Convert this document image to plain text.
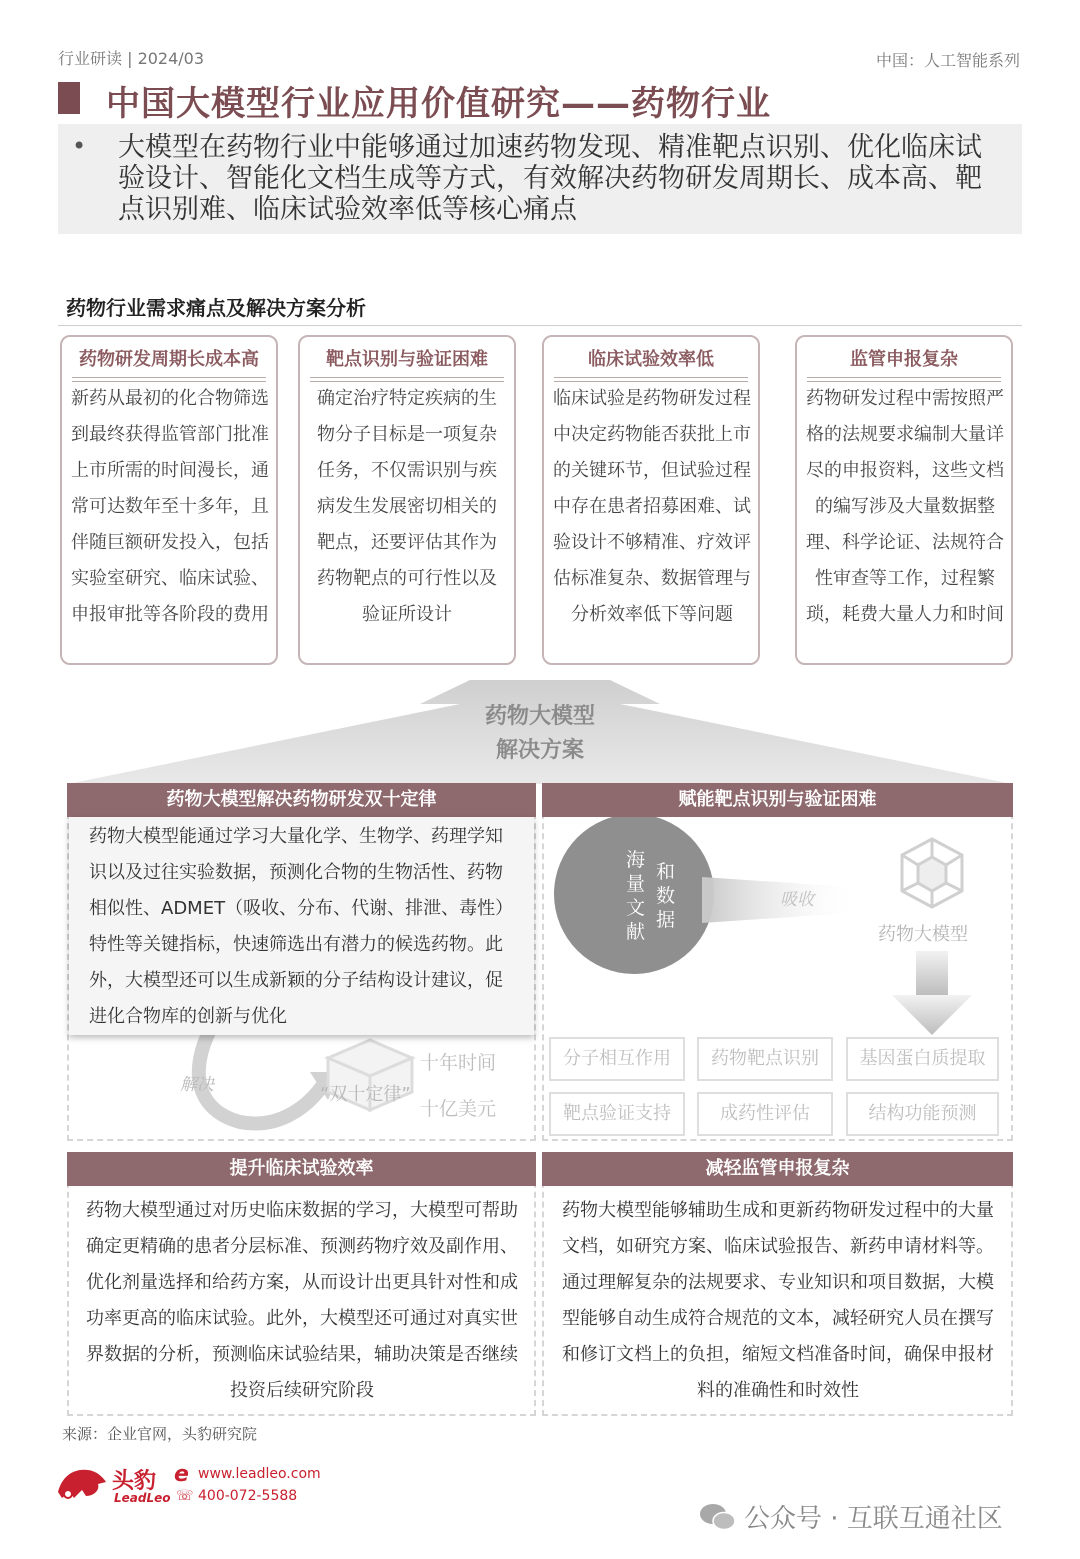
行业研读 | 2024/03	中国：人工智能系列
中国大模型行业应用价值研究——药物行业
• 大模型在药物行业中能够通过加速药物发现、精准靶点识别、优化临床试验设计、智能化文档生成等方式，有效解决药物研发周期长、成本高、靶点识别难、临床试验效率低等核心痛点
药物行业需求痛点及解决方案分析
药物研发周期长成本高
新药从最初的化合物筛选到最终获得监管部门批准上市所需的时间漫长，通常可达数年至十多年，且伴随巨额研发投入，包括实验室研究、临床试验、申报审批等各阶段的费用
靶点识别与验证困难
确定治疗特定疾病的生物分子目标是一项复杂任务，不仅需识别与疾病发生发展密切相关的靶点，还要评估其作为药物靶点的可行性以及验证所设计
临床试验效率低
临床试验是药物研发过程中决定药物能否获批上市的关键环节，但试验过程中存在患者招募困难、试验设计不够精准、疗效评估标准复杂、数据管理与分析效率低下等问题
监管申报复杂
药物研发过程中需按照严格的法规要求编制大量详尽的申报资料，这些文档的编写涉及大量数据整理、科学论证、法规符合性审查等工作，过程繁琐，耗费大量人力和时间
药物大模型
解决方案
药物大模型解决药物研发双十定律
解决	“双十定律”
十年时间
十亿美元
药物大模型能通过学习大量化学、生物学、药理学知识以及过往实验数据，预测化合物的生物活性、药物相似性、ADMET（吸收、分布、代谢、排泄、毒性）特性等关键指标，快速筛选出有潜力的候选药物。此外，大模型还可以生成新颖的分子结构设计建议，促进化合物库的创新与优化
赋能靶点识别与验证困难
海量文献
和数据
吸收
药物大模型
分子相互作用	药物靶点识别	基因蛋白质提取
靶点验证支持	成药性评估	结构功能预测
提升临床试验效率
药物大模型通过对历史临床数据的学习，大模型可帮助确定更精确的患者分层标准、预测药物疗效及副作用、优化剂量选择和给药方案，从而设计出更具针对性和成功率更高的临床试验。此外，大模型还可通过对真实世界数据的分析，预测临床试验结果，辅助决策是否继续投资后续研究阶段
减轻监管申报复杂
药物大模型能够辅助生成和更新药物研发过程中的大量文档，如研究方案、临床试验报告、新药申请材料等。通过理解复杂的法规要求、专业知识和项目数据，大模型能够自动生成符合规范的文本，减轻研究人员在撰写和修订文档上的负担，缩短文档准备时间，确保申报材料的准确性和时效性
来源：企业官网，头豹研究院
头豹
LeadLeo
e www.leadleo.com
☏ 400-072-5588
公众号 · 互联互通社区
